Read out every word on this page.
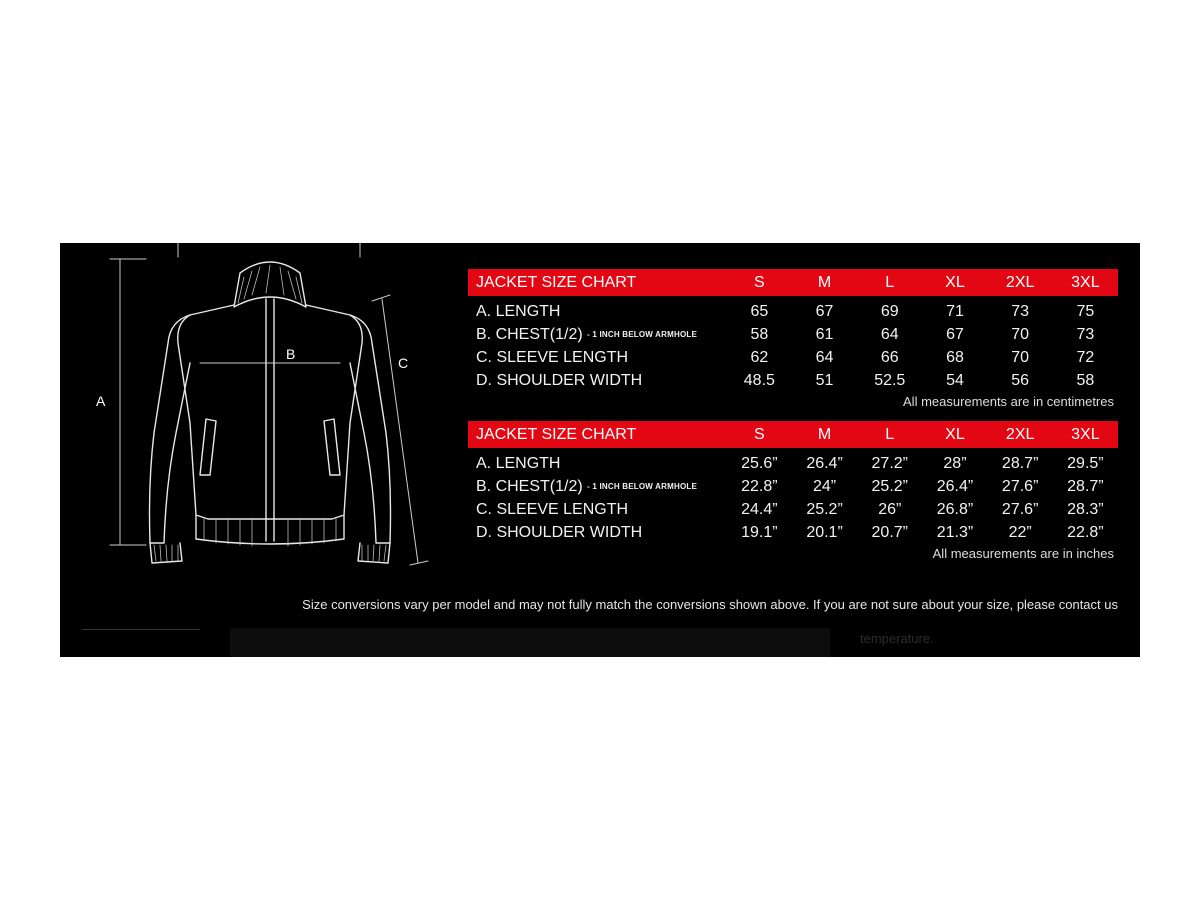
A
B
C
JACKET SIZE CHART	S	M	L	XL	2XL	3XL
A. LENGTH	65	67	69	71	73	75
B. CHEST(1/2) - 1 INCH BELOW ARMHOLE	58	61	64	67	70	73
C. SLEEVE LENGTH	62	64	66	68	70	72
D. SHOULDER WIDTH	48.5	51	52.5	54	56	58
All measurements are in centimetres
JACKET SIZE CHART	S	M	L	XL	2XL	3XL
A. LENGTH	25.6”	26.4”	27.2”	28”	28.7”	29.5”
B. CHEST(1/2) - 1 INCH BELOW ARMHOLE	22.8”	24”	25.2”	26.4”	27.6”	28.7”
C. SLEEVE LENGTH	24.4”	25.2”	26”	26.8”	27.6”	28.3”
D. SHOULDER WIDTH	19.1”	20.1”	20.7”	21.3”	22”	22.8”
All measurements are in inches
Size conversions vary per model and may not fully match the conversions shown above. If you are not sure about your size, please contact us
temperature.
